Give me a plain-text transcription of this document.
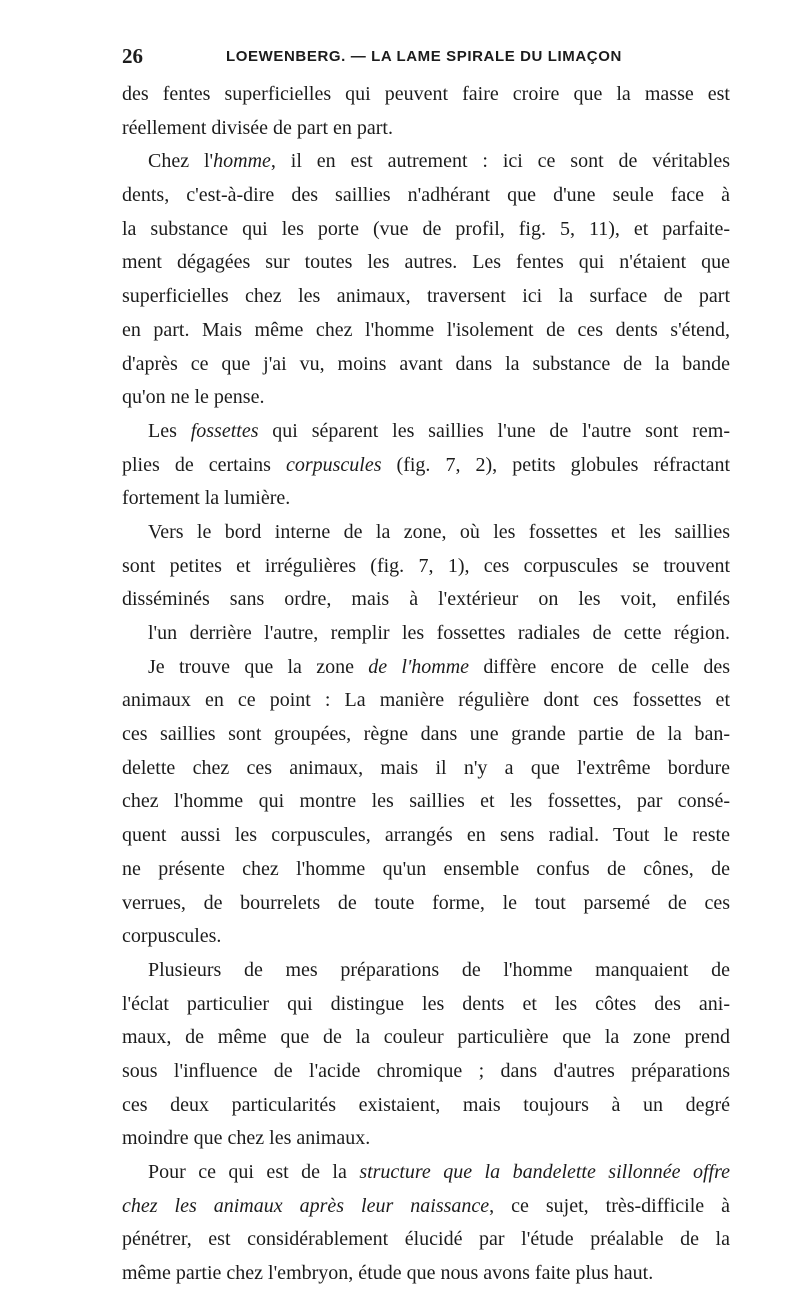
26	LOEWENBERG. — LA LAME SPIRALE DU LIMAÇON
des fentes superficielles qui peuvent faire croire que la masse est
réellement divisée de part en part.
Chez l'homme, il en est autrement : ici ce sont de véritables
dents, c'est-à-dire des saillies n'adhérant que d'une seule face à
la substance qui les porte (vue de profil, fig. 5, 11), et parfaite-
ment dégagées sur toutes les autres. Les fentes qui n'étaient que
superficielles chez les animaux, traversent ici la surface de part
en part. Mais même chez l'homme l'isolement de ces dents s'étend,
d'après ce que j'ai vu, moins avant dans la substance de la bande
qu'on ne le pense.
Les fossettes qui séparent les saillies l'une de l'autre sont rem-
plies de certains corpuscules (fig. 7, 2), petits globules réfractant
fortement la lumière.
Vers le bord interne de la zone, où les fossettes et les saillies
sont petites et irrégulières (fig. 7, 1), ces corpuscules se trouvent
disséminés sans ordre, mais à l'extérieur on les voit, enfilés
l'un derrière l'autre, remplir les fossettes radiales de cette région.
Je trouve que la zone de l'homme diffère encore de celle des
animaux en ce point : La manière régulière dont ces fossettes et
ces saillies sont groupées, règne dans une grande partie de la ban-
delette chez ces animaux, mais il n'y a que l'extrême bordure
chez l'homme qui montre les saillies et les fossettes, par consé-
quent aussi les corpuscules, arrangés en sens radial. Tout le reste
ne présente chez l'homme qu'un ensemble confus de cônes, de
verrues, de bourrelets de toute forme, le tout parsemé de ces
corpuscules.
Plusieurs de mes préparations de l'homme manquaient de
l'éclat particulier qui distingue les dents et les côtes des ani-
maux, de même que de la couleur particulière que la zone prend
sous l'influence de l'acide chromique ; dans d'autres préparations
ces deux particularités existaient, mais toujours à un degré
moindre que chez les animaux.
Pour ce qui est de la structure que la bandelette sillonnée offre
chez les animaux après leur naissance, ce sujet, très-difficile à
pénétrer, est considérablement élucidé par l'étude préalable de la
même partie chez l'embryon, étude que nous avons faite plus haut.
